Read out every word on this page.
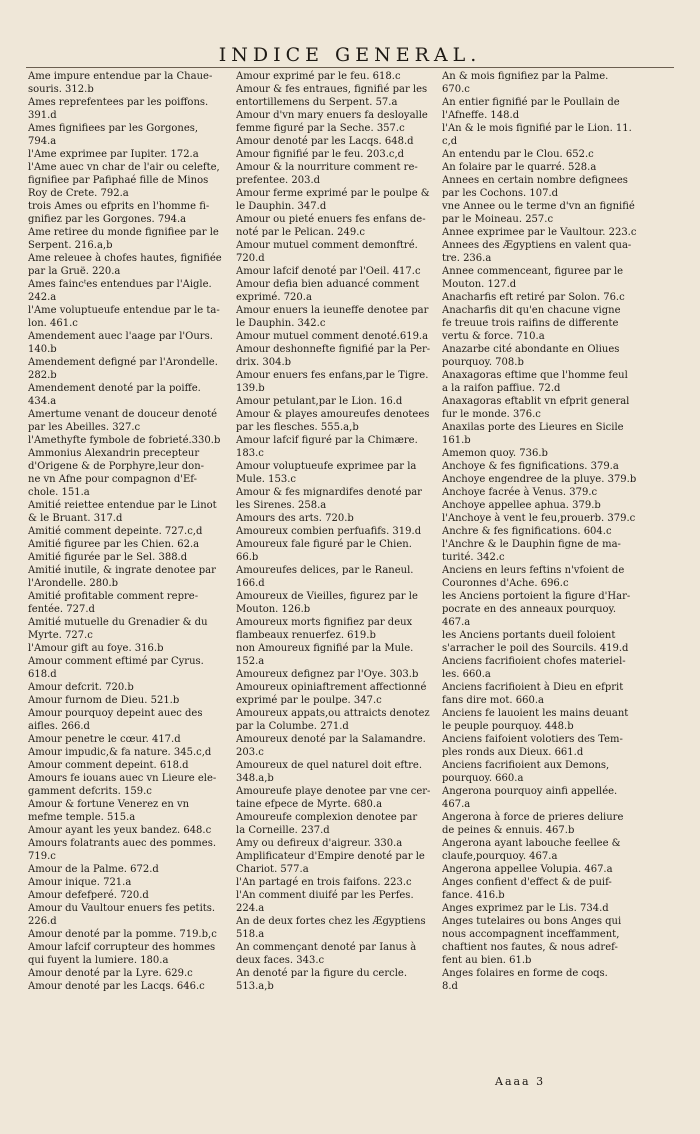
INDICE GENERAL.
Ame impure entendue par la Chaue-
souris. 312.b
Ames reprefentees par les poiffons.
391.d
Ames fignifiees par les Gorgones,
794.a
l'Ame exprimee par Iupiter. 172.a
l'Ame auec vn char de l'air ou celefte,
fignifiee par Pafiphaé fille de Minos
Roy de Crete. 792.a
trois Ames ou efprits en l'homme fi-
gnifiez par les Gorgones. 794.a
Ame retiree du monde fignifiee par le
Serpent. 216.a,b
Ame releuee à chofes hautes, fignifiée
par la Gruë. 220.a
Ames faincᵗes entendues par l'Aigle.
242.a
l'Ame voluptueufe entendue par le ta-
lon. 461.c
Amendement auec l'aage par l'Ours.
140.b
Amendement defigné par l'Arondelle.
282.b
Amendement denoté par la poiffe.
434.a
Amertume venant de douceur denoté
par les Abeilles. 327.c
l'Amethyfte fymbole de fobrieté.330.b
Ammonius Alexandrin precepteur
d'Origene & de Porphyre,leur don-
ne vn Afne pour compagnon d'Ef-
chole. 151.a
Amitié reiettee entendue par le Linot
& le Bruant. 317.d
Amitié comment depeinte. 727.c,d
Amitié figuree par les Chien. 62.a
Amitié figurée par le Sel. 388.d
Amitié inutile, & ingrate denotee par
l'Arondelle. 280.b
Amitié profitable comment repre-
fentée. 727.d
Amitié mutuelle du Grenadier & du
Myrte. 727.c
l'Amour gift au foye. 316.b
Amour comment eftimé par Cyrus.
618.d
Amour defcrit. 720.b
Amour furnom de Dieu. 521.b
Amour pourquoy depeint auec des
aifles. 266.d
Amour penetre le cœur. 417.d
Amour impudic,& fa nature. 345.c,d
Amour comment depeint. 618.d
Amours fe iouans auec vn Lieure ele-
gamment defcrits. 159.c
Amour & fortune Venerez en vn
mefme temple. 515.a
Amour ayant les yeux bandez. 648.c
Amours folatrants auec des pommes.
719.c
Amour de la Palme. 672.d
Amour inique. 721.a
Amour defefperé. 720.d
Amour du Vaultour enuers fes petits.
226.d
Amour denoté par la pomme. 719.b,c
Amour lafcif corrupteur des hommes
qui fuyent la lumiere. 180.a
Amour denoté par la Lyre. 629.c
Amour denoté par les Lacqs. 646.c
Amour exprimé par le feu. 618.c
Amour & fes entraues, fignifié par les
entortillemens du Serpent. 57.a
Amour d'vn mary enuers fa desloyalle
femme figuré par la Seche. 357.c
Amour denoté par les Lacqs. 648.d
Amour fignifié par le feu. 203.c,d
Amour & la nourriture comment re-
prefentee. 203.d
Amour ferme exprimé par le poulpe &
le Dauphin. 347.d
Amour ou pieté enuers fes enfans de-
noté par le Pelican. 249.c
Amour mutuel comment demonftré.
720.d
Amour lafcif denoté par l'Oeil. 417.c
Amour defia bien aduancé comment
exprimé. 720.a
Amour enuers la ieuneffe denotee par
le Dauphin. 342.c
Amour mutuel comment denoté.619.a
Amour deshonnefte fignifié par la Per-
drix. 304.b
Amour enuers fes enfans,par le Tigre.
139.b
Amour petulant,par le Lion. 16.d
Amour & playes amoureufes denotees
par les flesches. 555.a,b
Amour lafcif figuré par la Chimære.
183.c
Amour voluptueufe exprimee par la
Mule. 153.c
Amour & fes mignardifes denoté par
les Sirenes. 258.a
Amours des arts. 720.b
Amoureux combien perfuafifs. 319.d
Amoureux fale figuré par le Chien.
66.b
Amoureufes delices, par le Raneul.
166.d
Amoureux de Vieilles, figurez par le
Mouton. 126.b
Amoureux morts fignifiez par deux
flambeaux renuerfez. 619.b
non Amoureux fignifié par la Mule.
152.a
Amoureux defignez par l'Oye. 303.b
Amoureux opiniaftrement affectionné
exprimé par le poulpe. 347.c
Amoureux appats,ou attraicts denotez
par la Columbe. 271.d
Amoureux denoté par la Salamandre.
203.c
Amoureux de quel naturel doit eftre.
348.a,b
Amoureufe playe denotee par vne cer-
taine efpece de Myrte. 680.a
Amoureufe complexion denotee par
la Corneille. 237.d
Amy ou defireux d'aigreur. 330.a
Amplificateur d'Empire denoté par le
Chariot. 577.a
l'An partagé en trois faifons. 223.c
l'An comment diuifé par les Perfes.
224.a
An de deux fortes chez les Ægyptiens
518.a
An commençant denoté par Ianus à
deux faces. 343.c
An denoté par la figure du cercle.
513.a,b
An & mois fignifiez par la Palme.
670.c
An entier fignifié par le Poullain de
l'Afneffe. 148.d
l'An & le mois fignifié par le Lion. 11.
c,d
An entendu par le Clou. 652.c
An folaire par le quarré. 528.a
Annees en certain nombre defignees
par les Cochons. 107.d
vne Annee ou le terme d'vn an fignifié
par le Moineau. 257.c
Annee exprimee par le Vaultour. 223.c
Annees des Ægyptiens en valent qua-
tre. 236.a
Annee commenceant, figuree par le
Mouton. 127.d
Anacharfis eft retiré par Solon. 76.c
Anacharfis dit qu'en chacune vigne
fe treuue trois raifins de differente
vertu & force. 710.a
Anazarbe cité abondante en Oliues
pourquoy. 708.b
Anaxagoras eftime que l'homme feul
a la raifon paffiue. 72.d
Anaxagoras eftablit vn efprit general
fur le monde. 376.c
Anaxilas porte des Lieures en Sicile
161.b
Amemon quoy. 736.b
Anchoye & fes fignifications. 379.a
Anchoye engendree de la pluye. 379.b
Anchoye facrée à Venus. 379.c
Anchoye appellee aphua. 379.b
l'Anchoye à vent le feu,prouerb. 379.c
Anchre & fes fignifications. 604.c
l'Anchre & le Dauphin figne de ma-
turité. 342.c
Anciens en leurs feftins n'vfoient de
Couronnes d'Ache. 696.c
les Anciens portoient la figure d'Har-
pocrate en des anneaux pourquoy.
467.a
les Anciens portants dueil foloient
s'arracher le poil des Sourcils. 419.d
Anciens facrifioient chofes materiel-
les. 660.a
Anciens facrifioient à Dieu en efprit
fans dire mot. 660.a
Anciens fe lauoient les mains deuant
le peuple pourquoy. 448.b
Anciens faifoient volotiers des Tem-
ples ronds aux Dieux. 661.d
Anciens facrifioient aux Demons,
pourquoy. 660.a
Angerona pourquoy ainfi appellée.
467.a
Angerona à force de prieres deliure
de peines & ennuis. 467.b
Angerona ayant labouche feellee &
claufe,pourquoy. 467.a
Angerona appellee Volupia. 467.a
Anges confient d'effect & de puif-
fance. 416.b
Anges exprimez par le Lis. 734.d
Anges tutelaires ou bons Anges qui
nous accompagnent inceffamment,
chaftient nos fautes, & nous adref-
fent au bien. 61.b
Anges folaires en forme de coqs.
8.d
Aaaa 3
